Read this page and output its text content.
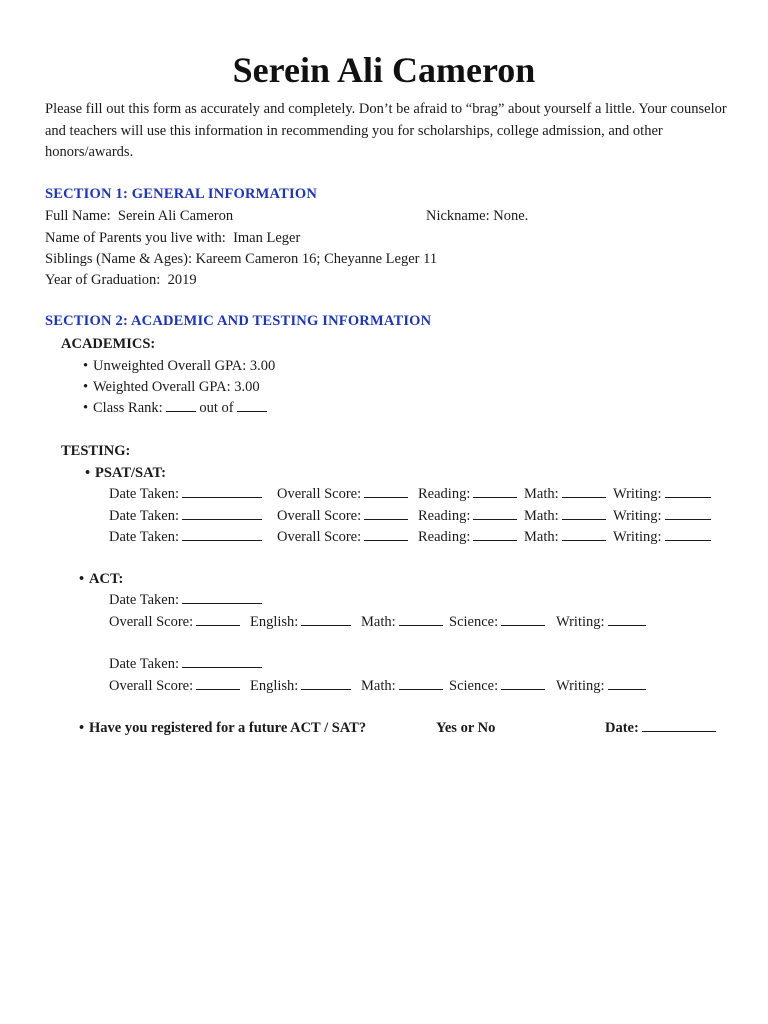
Serein Ali Cameron
Please fill out this form as accurately and completely. Don’t be afraid to “brag” about yourself a little. Your counselor and teachers will use this information in recommending you for scholarships, college admission, and other honors/awards.
SECTION 1: GENERAL INFORMATION
Full Name: Serein Ali Cameron	Nickname: None.
Name of Parents you live with: Iman Leger
Siblings (Name & Ages): Kareem Cameron 16; Cheyanne Leger 11
Year of Graduation: 2019
SECTION 2: ACADEMIC AND TESTING INFORMATION
ACADEMICS:
• Unweighted Overall GPA: 3.00
• Weighted Overall GPA: 3.00
• Class Rank:	out of
TESTING:
• PSAT/SAT:
Date Taken:	Overall Score:	Reading:	Math:	Writing:
Date Taken:	Overall Score:	Reading:	Math:	Writing:
Date Taken:	Overall Score:	Reading:	Math:	Writing:
• ACT:
Date Taken:
Overall Score:	English:	Math:	Science:	Writing:
Date Taken:
Overall Score:	English:	Math:	Science:	Writing:
• Have you registered for a future ACT / SAT?	Yes or No	Date:
